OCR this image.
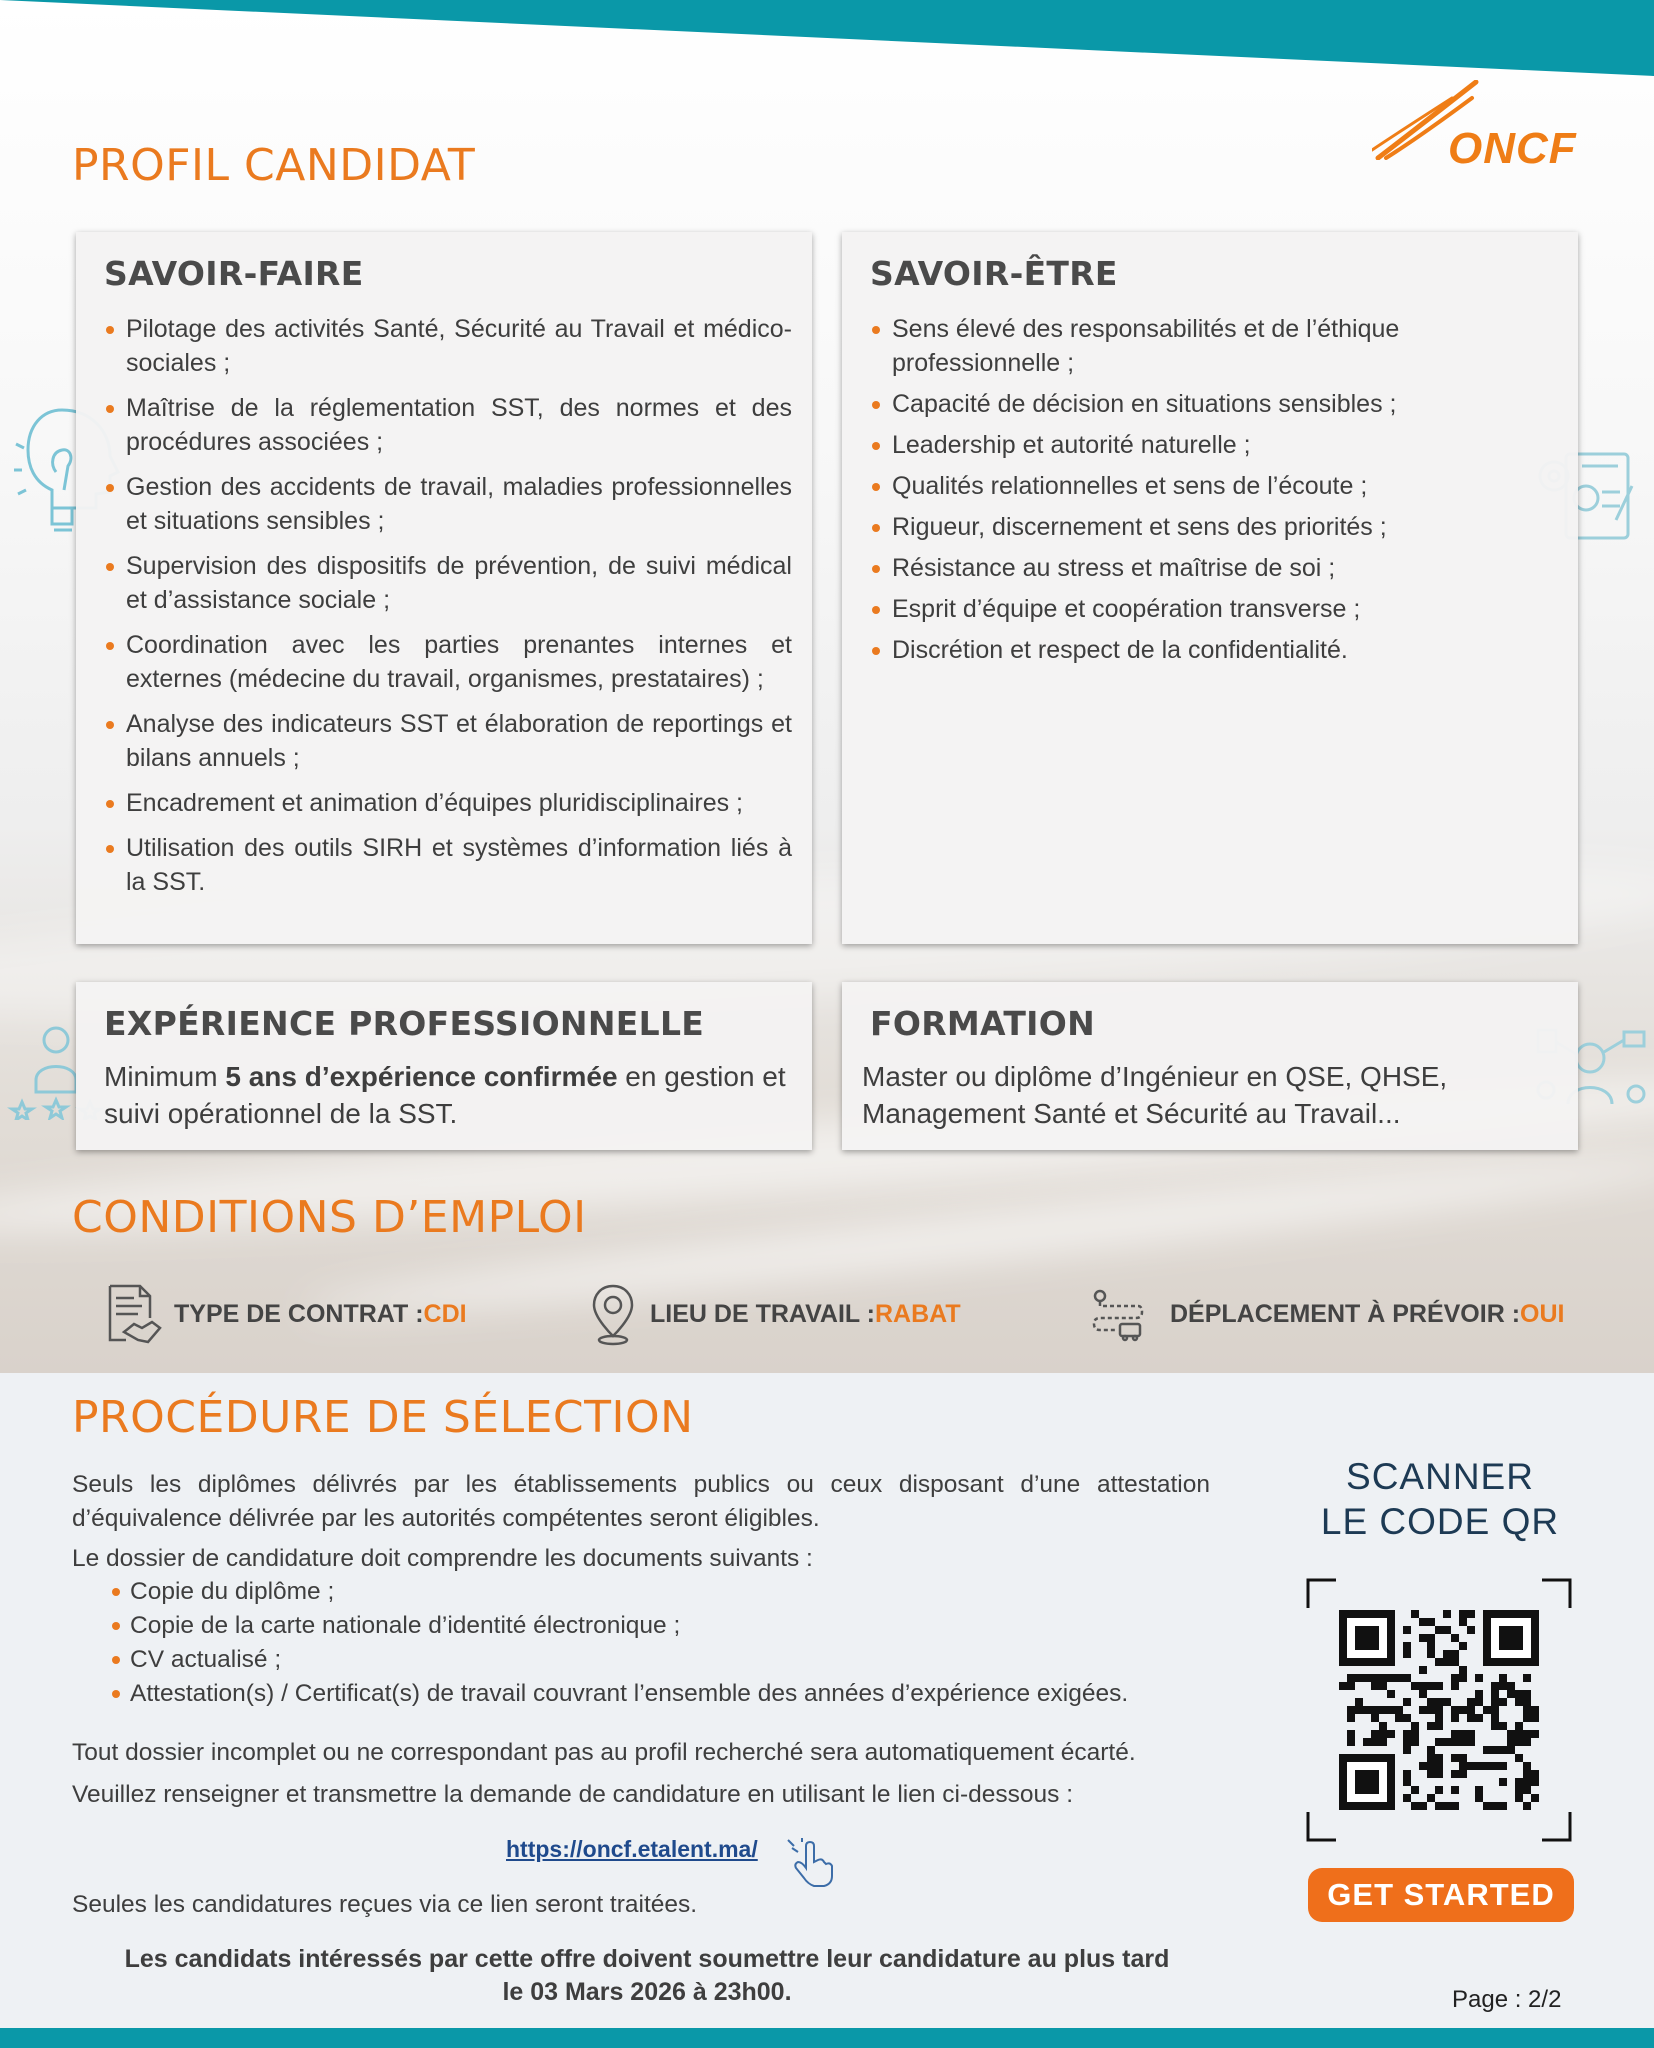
ONCF
PROFIL CANDIDAT
SAVOIR-FAIRE
Pilotage des activités Santé, Sécurité au Travail et médico-sociales ;
Maîtrise de la réglementation SST, des normes et des procédures associées ;
Gestion des accidents de travail, maladies professionnelles et situations sensibles ;
Supervision des dispositifs de prévention, de suivi médical et d’assistance sociale ;
Coordination avec les parties prenantes internes et externes (médecine du travail, organismes, prestataires) ;
Analyse des indicateurs SST et élaboration de reportings et bilans annuels ;
Encadrement et animation d’équipes pluridisciplinaires ;
Utilisation des outils SIRH et systèmes d’information liés à la SST.
SAVOIR-ÊTRE
Sens élevé des responsabilités et de l’éthique professionnelle ;
Capacité de décision en situations sensibles ;
Leadership et autorité naturelle ;
Qualités relationnelles et sens de l’écoute ;
Rigueur, discernement et sens des priorités ;
Résistance au stress et maîtrise de soi ;
Esprit d’équipe et coopération transverse ;
Discrétion et respect de la confidentialité.
EXPÉRIENCE PROFESSIONNELLE
Minimum 5 ans d’expérience confirmée en gestion et suivi opérationnel de la SST.
FORMATION
Master ou diplôme d’Ingénieur en QSE, QHSE, Management Santé et Sécurité au Travail...
CONDITIONS D’EMPLOI
TYPE DE CONTRAT : CDI	LIEU DE TRAVAIL : RABAT	DÉPLACEMENT À PRÉVOIR : OUI
PROCÉDURE DE SÉLECTION
Seuls les diplômes délivrés par les établissements publics ou ceux disposant d’une attestation d’équivalence délivrée par les autorités compétentes seront éligibles.
Le dossier de candidature doit comprendre les documents suivants :
Copie du diplôme ;
Copie de la carte nationale d’identité électronique ;
CV actualisé ;
Attestation(s) / Certificat(s) de travail couvrant l’ensemble des années d’expérience exigées.
Tout dossier incomplet ou ne correspondant pas au profil recherché sera automatiquement écarté.
Veuillez renseigner et transmettre la demande de candidature en utilisant le lien ci-dessous :
https://oncf.etalent.ma/
Seules les candidatures reçues via ce lien seront traitées.
Les candidats intéressés par cette offre doivent soumettre leur candidature au plus tard
le 03 Mars 2026 à 23h00.
SCANNER
LE CODE QR
GET STARTED
Page : 2/2
